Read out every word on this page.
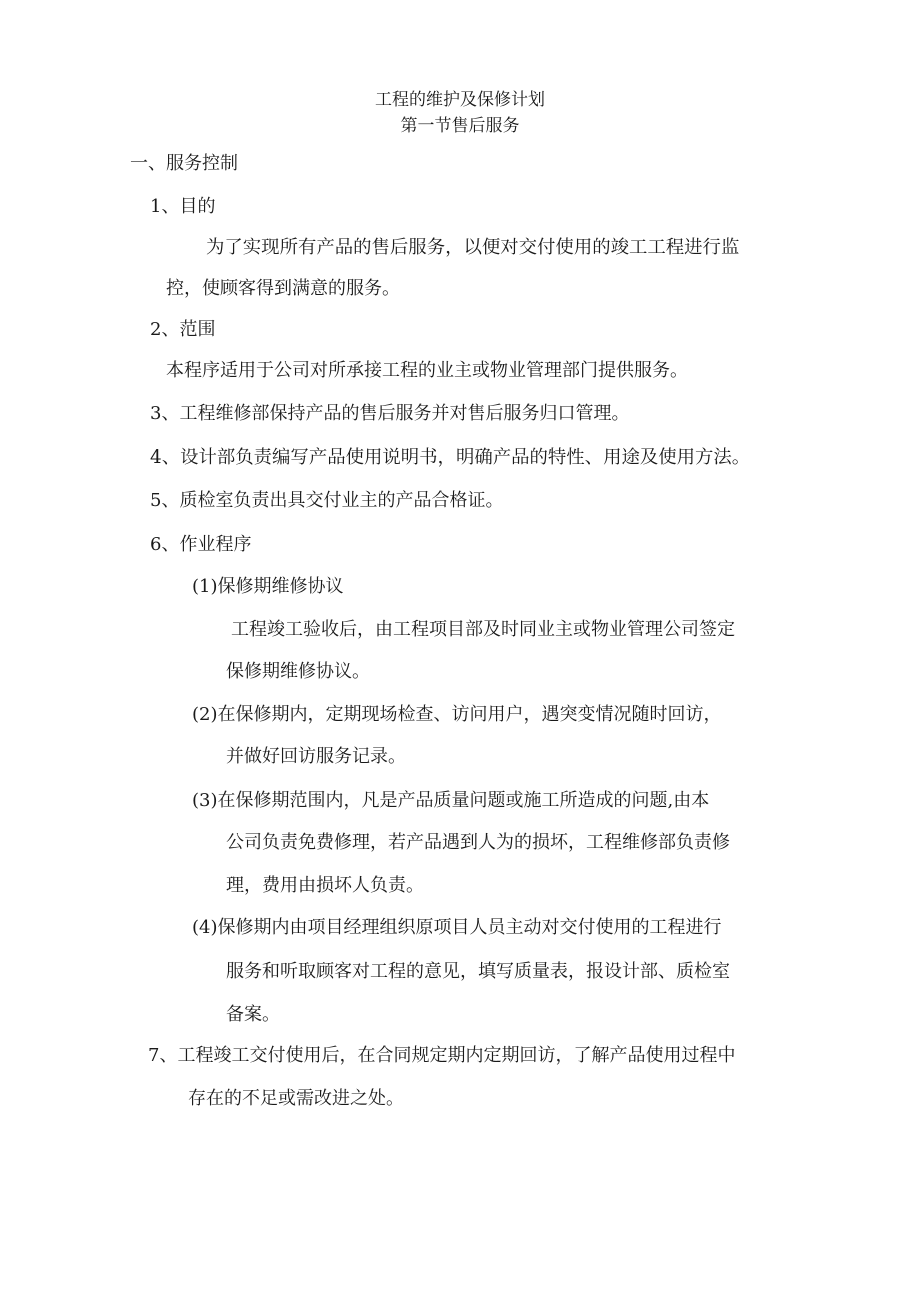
工程的维护及保修计划
第一节售后服务
一、服务控制
1、目的
为了实现所有产品的售后服务，以便对交付使用的竣工工程进行监
控，使顾客得到满意的服务。
2、范围
本程序适用于公司对所承接工程的业主或物业管理部门提供服务。
3、工程维修部保持产品的售后服务并对售后服务归口管理。
4、设计部负责编写产品使用说明书，明确产品的特性、用途及使用方法。
5、质检室负责出具交付业主的产品合格证。
6、作业程序
(1)保修期维修协议
工程竣工验收后，由工程项目部及时同业主或物业管理公司签定
保修期维修协议。
(2)在保修期内，定期现场检查、访问用户，遇突变情况随时回访，
并做好回访服务记录。
(3)在保修期范围内，凡是产品质量问题或施工所造成的问题,由本
公司负责免费修理，若产品遇到人为的损坏，工程维修部负责修
理，费用由损坏人负责。
(4)保修期内由项目经理组织原项目人员主动对交付使用的工程进行
服务和听取顾客对工程的意见，填写质量表，报设计部、质检室
备案。
7、工程竣工交付使用后，在合同规定期内定期回访，了解产品使用过程中
存在的不足或需改进之处。
